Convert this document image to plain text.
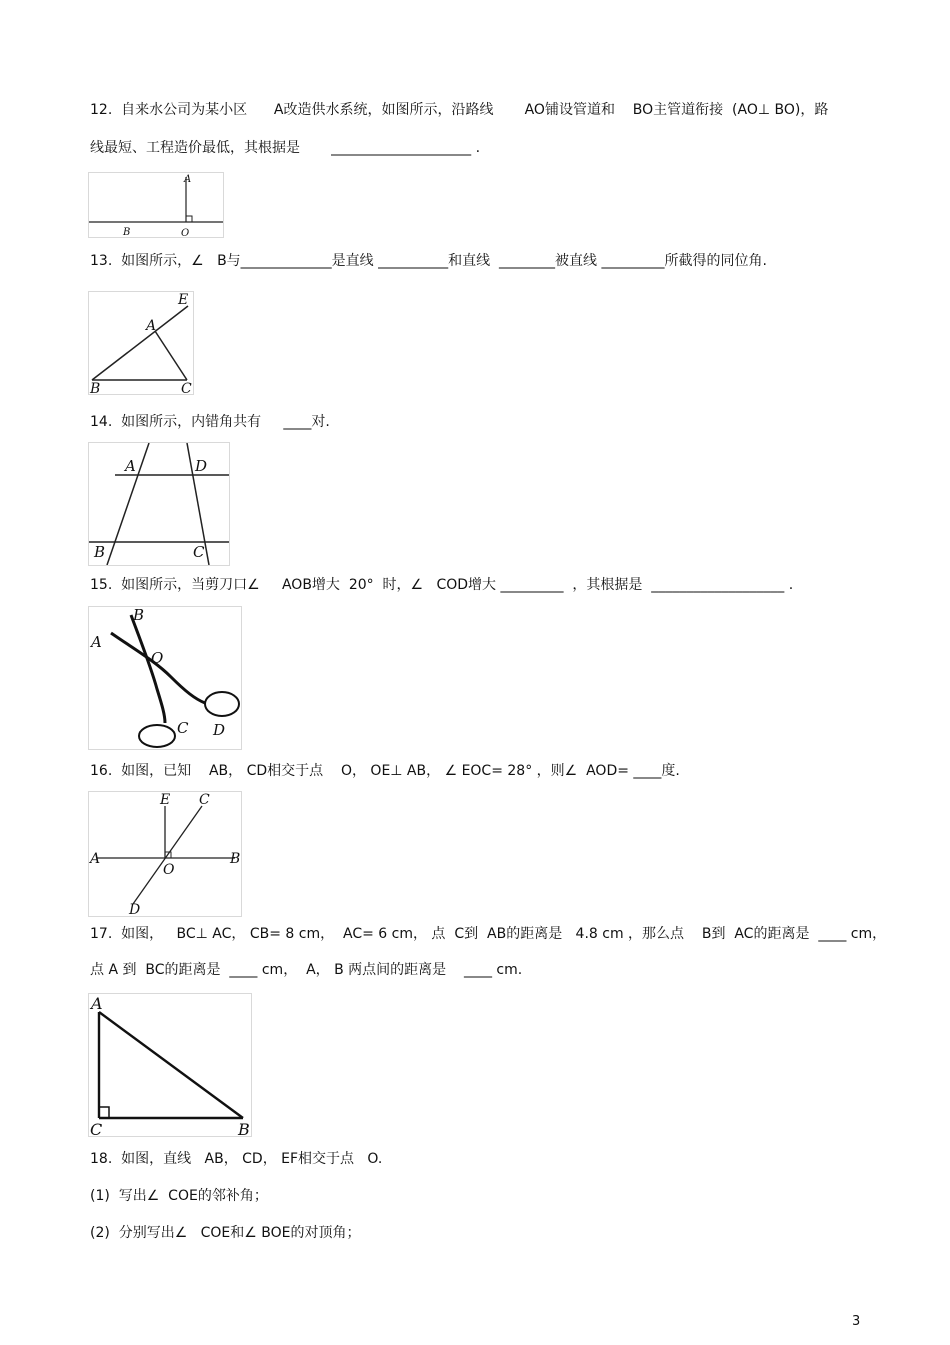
12.  自来水公司为某小区      A改造供水系统，如图所示，沿路线       AO铺设管道和    BO主管道衔接  (AO⊥ BO)，路
线最短、工程造价最低，其根据是       ____________________ .
A
B	O
13.  如图所示，∠   B与_____________是直线 __________和直线  ________被直线 _________所截得的同位角.
E
A
B	C
14.  如图所示，内错角共有     ____对.
A	D
B	C
15.  如图所示，当剪刀口∠     AOB增大  20°  时，∠   COD增大 _________  ，其根据是  ___________________ .
B
A
O
C D
16.  如图，已知    AB， CD相交于点    O， OE⊥ AB， ∠ EOC= 28° ，则∠  AOD= ____度.
E C
A
O
B
D
17.  如图，   BC⊥ AC， CB= 8 cm，  AC= 6 cm， 点  C到  AB的距离是   4.8 cm ，那么点    B到  AC的距离是  ____ cm，
A
C	B
点 A 到  BC的距离是  ____ cm，  A， B 两点间的距离是    ____ cm.
18.  如图，直线   AB， CD， EF相交于点   O.
(1)  写出∠  COE的邻补角；
(2)  分别写出∠   COE和∠ BOE的对顶角；
3
